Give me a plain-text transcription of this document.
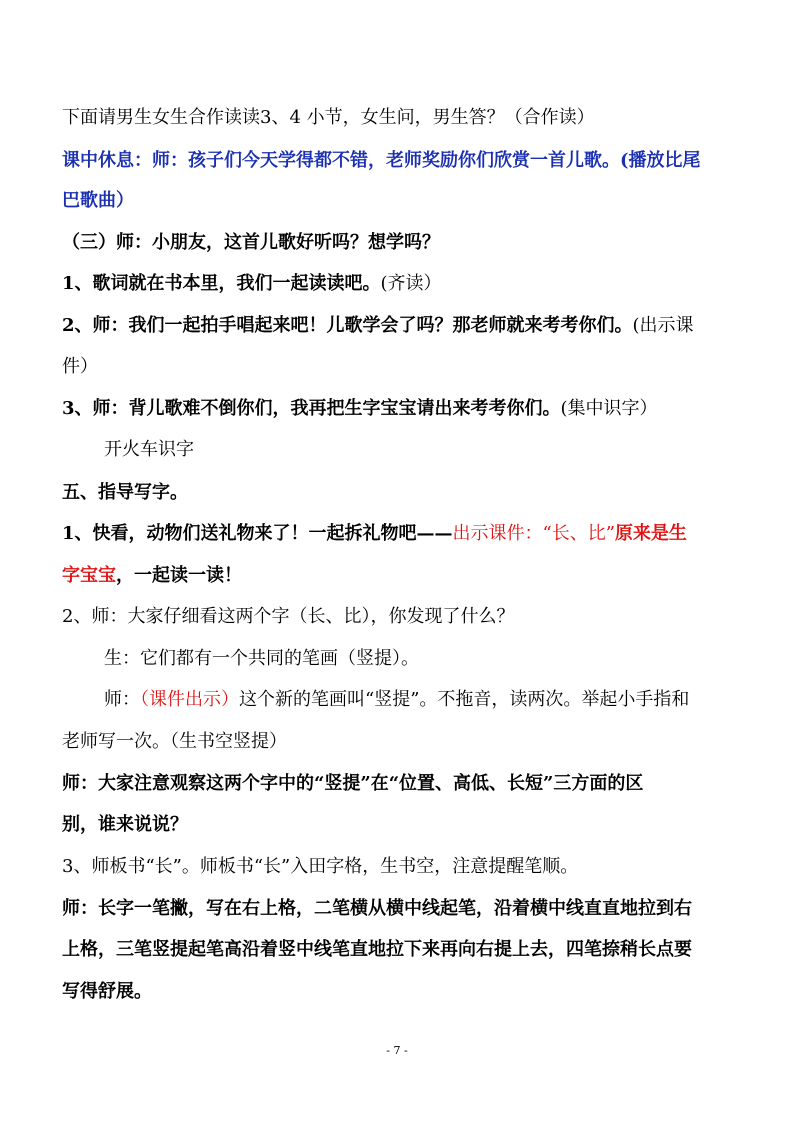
下面请男生女生合作读读3、4 小节，女生问，男生答？（合作读）
课中休息：师：孩子们今天学得都不错，老师奖励你们欣赏一首儿歌。(播放比尾
巴歌曲）
（三）师：小朋友，这首儿歌好听吗？想学吗？
1、歌词就在书本里，我们一起读读吧。(齐读）
2、师：我们一起拍手唱起来吧！儿歌学会了吗？那老师就来考考你们。(出示课
件）
3、师：背儿歌难不倒你们，我再把生字宝宝请出来考考你们。(集中识字）
开火车识字
五、指导写字。
1、快看，动物们送礼物来了！一起拆礼物吧——出示课件：“长、比”原来是生
字宝宝，一起读一读！
2、师：大家仔细看这两个字（长、比），你发现了什么？
生：它们都有一个共同的笔画（竖提）。
师：（课件出示）这个新的笔画叫“竖提”。不拖音，读两次。举起小手指和
老师写一次。（生书空竖提）
师：大家注意观察这两个字中的“竖提”在“位置、高低、长短”三方面的区
别，谁来说说？
3、师板书“长”。师板书“长”入田字格，生书空，注意提醒笔顺。
师：长字一笔撇，写在右上格，二笔横从横中线起笔，沿着横中线直直地拉到右
上格，三笔竖提起笔高沿着竖中线笔直地拉下来再向右提上去，四笔捺稍长点要
写得舒展。
- 7 -
